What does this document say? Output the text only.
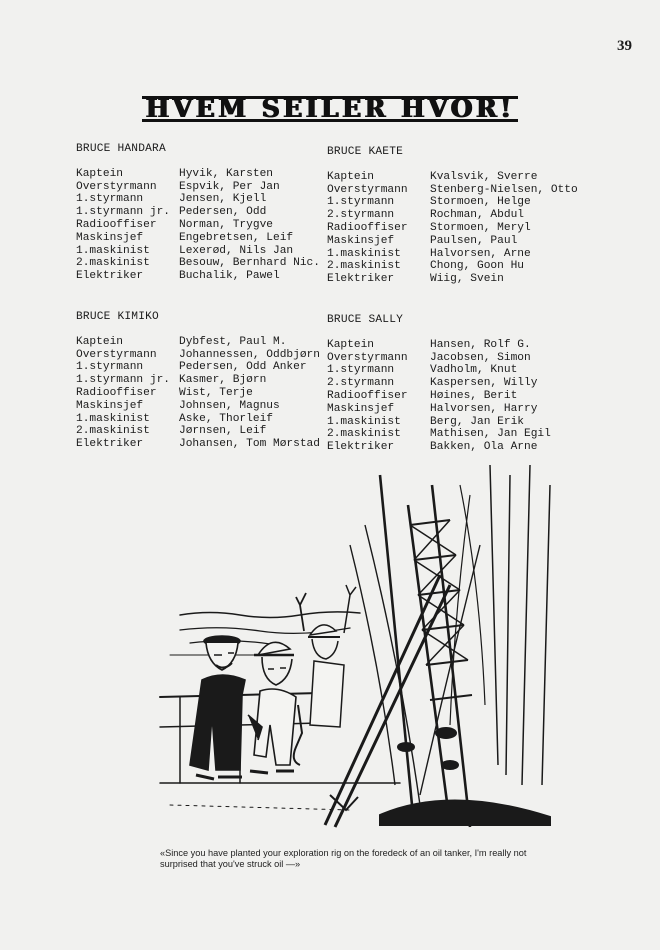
39
HVEM SEILER HVOR!
BRUCE HANDARA
Kaptein	Hyvik, Karsten
Overstyrmann	Espvik, Per Jan
1.styrmann	Jensen, Kjell
1.styrmann jr. Pedersen, Odd
Radiooffiser	Norman, Trygve
Maskinsjef	Engebretsen, Leif
1.maskinist	Lexerød, Nils Jan
2.maskinist	Besouw, Bernhard Nic.
Elektriker	Buchalik, Pawel
BRUCE KAETE
Kaptein	Kvalsvik, Sverre
Overstyrmann	Stenberg-Nielsen, Otto
1.styrmann	Stormoen, Helge
2.styrmann	Rochman, Abdul
Radiooffiser	Stormoen, Meryl
Maskinsjef	Paulsen, Paul
1.maskinist	Halvorsen, Arne
2.maskinist	Chong, Goon Hu
Elektriker	Wiig, Svein
BRUCE KIMIKO
Kaptein	Dybfest, Paul M.
Overstyrmann	Johannessen, Oddbjørn
1.styrmann	Pedersen, Odd Anker
1.styrmann jr. Kasmer, Bjørn
Radiooffiser	Wist, Terje
Maskinsjef	Johnsen, Magnus
1.maskinist	Aske, Thorleif
2.maskinist	Jørnsen, Leif
Elektriker	Johansen, Tom Mørstad
BRUCE SALLY
Kaptein	Hansen, Rolf G.
Overstyrmann	Jacobsen, Simon
1.styrmann	Vadholm, Knut
2.styrmann	Kaspersen, Willy
Radiooffiser	Høines, Berit
Maskinsjef	Halvorsen, Harry
1.maskinist	Berg, Jan Erik
2.maskinist	Mathisen, Jan Egil
Elektriker	Bakken, Ola Arne
«Since you have planted your exploration rig on the foredeck of an oil tanker, I'm really not surprised that you've struck oil —»
